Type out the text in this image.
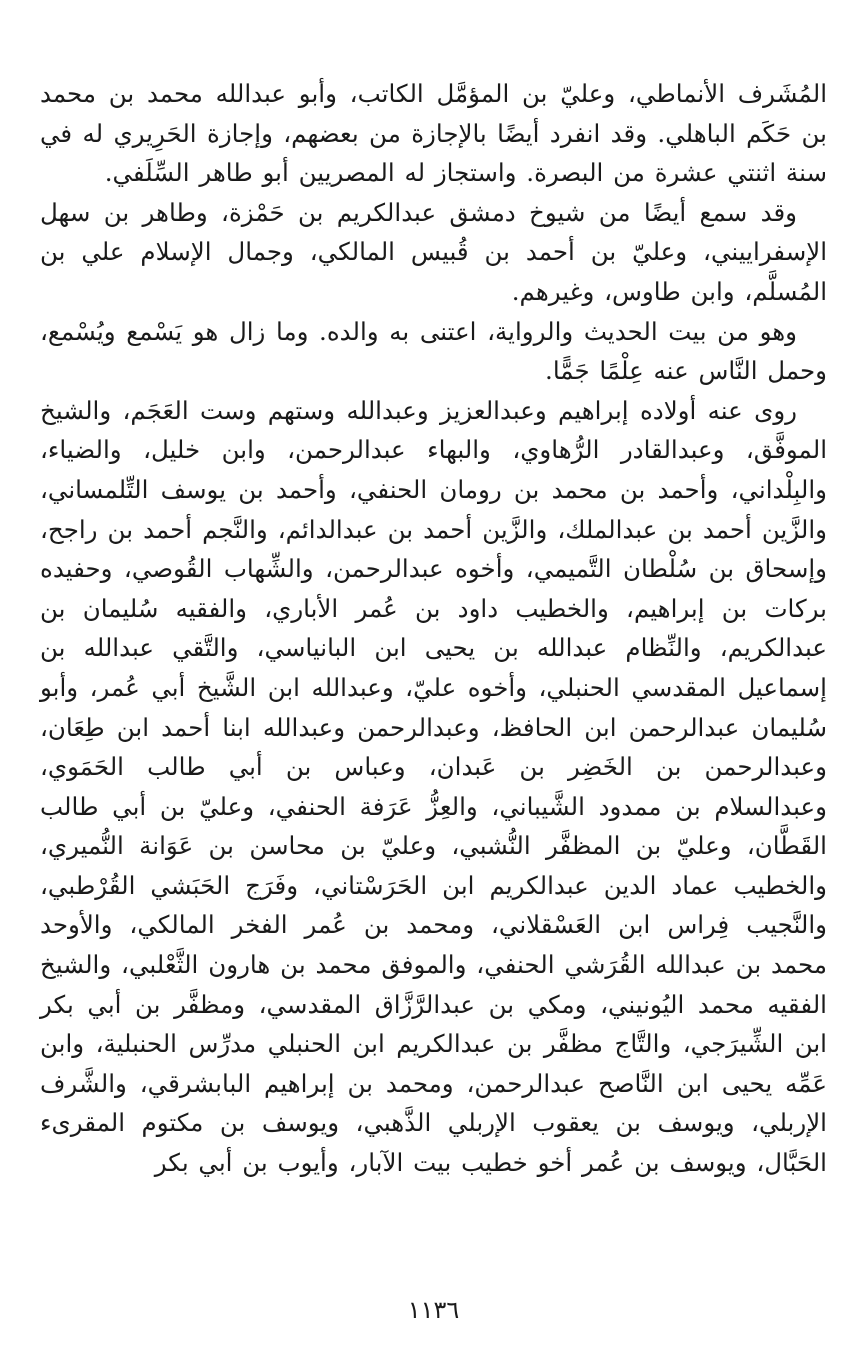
المُشَرف الأنماطي، وعليّ بن المؤمَّل الكاتب، وأبو عبدالله محمد بن محمد بن حَكَم الباهلي. وقد انفرد أيضًا بالإجازة من بعضهم، وإجازة الحَرِيري له في سنة اثنتي عشرة من البصرة. واستجاز له المصريين أبو طاهر السِّلَفي.

وقد سمع أيضًا من شيوخ دمشق عبدالكريم بن حَمْزة، وطاهر بن سهل الإسفراييني، وعليّ بن أحمد بن قُبيس المالكي، وجمال الإسلام علي بن المُسلَّم، وابن طاوس، وغيرهم.

وهو من بيت الحديث والرواية، اعتنى به والده. وما زال هو يَسْمع ويُسْمع، وحمل النَّاس عنه عِلْمًا جَمًّا.

روى عنه أولاده إبراهيم وعبدالعزيز وعبدالله وستهم وست العَجَم، والشيخ الموفَّق، وعبدالقادر الرُّهاوي، والبهاء عبدالرحمن، وابن خليل، والضياء، والبِلْداني، وأحمد بن محمد بن رومان الحنفي، وأحمد بن يوسف التِّلمساني، والزَّين أحمد بن عبدالملك، والزَّين أحمد بن عبدالدائم، والنَّجم أحمد بن راجح، وإسحاق بن سُلْطان التَّميمي، وأخوه عبدالرحمن، والشِّهاب القُوصي، وحفيده بركات بن إبراهيم، والخطيب داود بن عُمر الأباري، والفقيه سُليمان بن عبدالكريم، والنِّظام عبدالله بن يحيى ابن البانياسي، والتَّقي عبدالله بن إسماعيل المقدسي الحنبلي، وأخوه عليّ، وعبدالله ابن الشَّيخ أبي عُمر، وأبو سُليمان عبدالرحمن ابن الحافظ، وعبدالرحمن وعبدالله ابنا أحمد ابن طِعَان، وعبدالرحمن بن الخَضِر بن عَبدان، وعباس بن أبي طالب الحَمَوي، وعبدالسلام بن ممدود الشَّيباني، والعِزُّ عَرَفة الحنفي، وعليّ بن أبي طالب القَطَّان، وعليّ بن المظفَّر النُّشبي، وعليّ بن محاسن بن عَوَانة النُّميري، والخطيب عماد الدين عبدالكريم ابن الحَرَسْتاني، وفَرَج الحَبَشي القُرْطبي، والنَّجيب فِراس ابن العَسْقلاني، ومحمد بن عُمر الفخر المالكي، والأوحد محمد بن عبدالله القُرَشي الحنفي، والموفق محمد بن هارون الثَّعْلبي، والشيخ الفقيه محمد اليُونيني، ومكي بن عبدالرَّزَّاق المقدسي، ومظفَّر بن أبي بكر ابن الشِّيرَجي، والتَّاج مظفَّر بن عبدالكريم ابن الحنبلي مدرِّس الحنبلية، وابن عَمِّه يحيى ابن النَّاصح عبدالرحمن، ومحمد بن إبراهيم البابشرقي، والشَّرف الإربلي، ويوسف بن يعقوب الإربلي الذَّهبي، ويوسف بن مكتوم المقرىء الحَبَّال، ويوسف بن عُمر أخو خطيب بيت الآبار، وأيوب بن أبي بكر

١١٣٦
